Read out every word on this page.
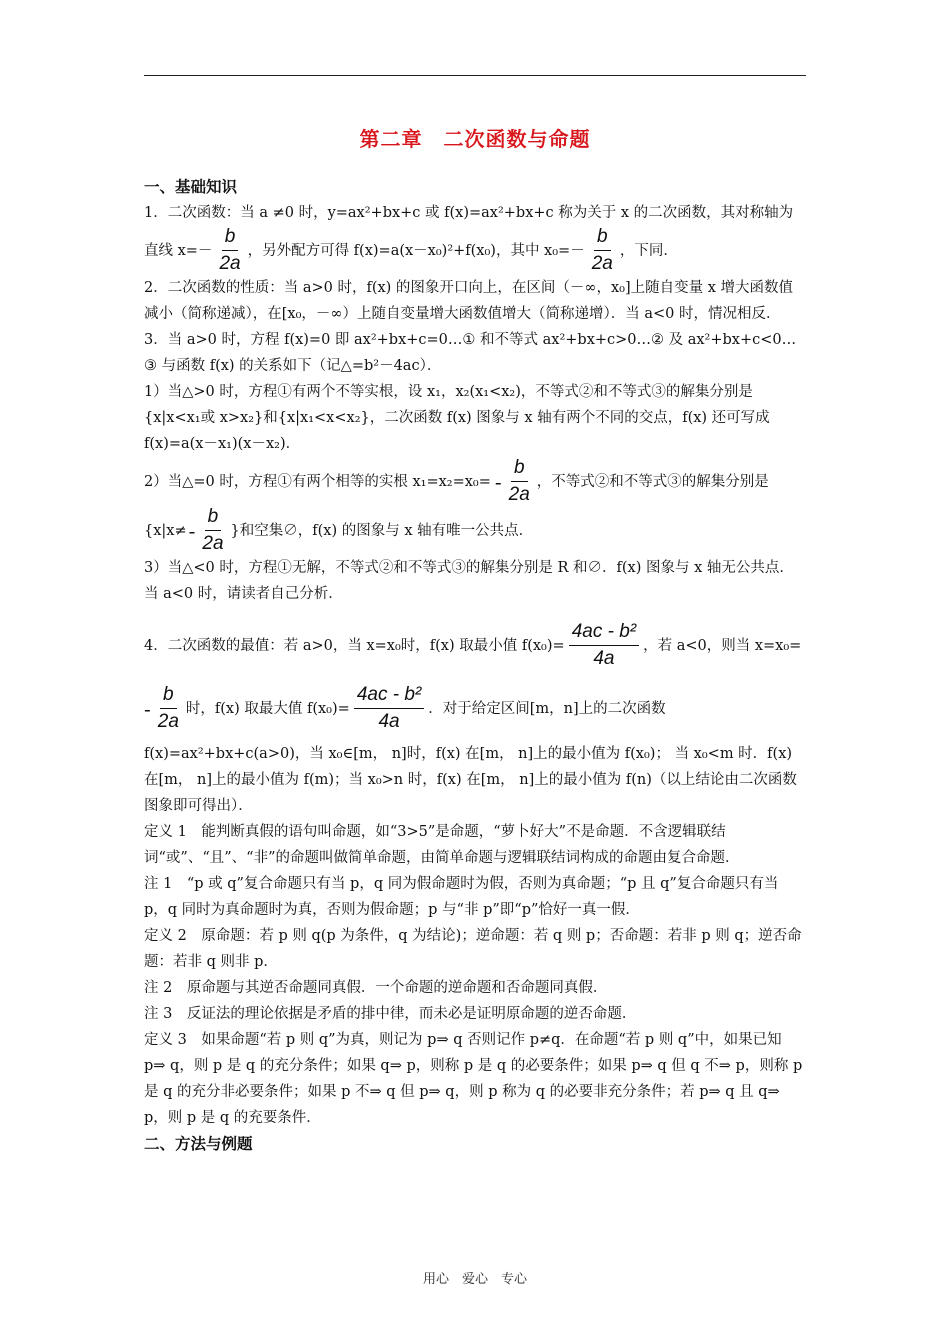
第二章　二次函数与命题
一、基础知识

1．二次函数：当 a ≠0 时，y=ax²+bx+c 或 f(x)=ax²+bx+c 称为关于 x 的二次函数，其对称轴为

直线 $x=- \frac{b}{2a}$ ，另外配方可得 f(x)=a(x－x₀)²+f(x₀)，其中 $x_0=- \frac{b}{2a}$ ，下同．

2．二次函数的性质：当 a>0 时，f(x) 的图象开口向上，在区间（－∞，x₀]上随自变量 x 增大函数值减小（简称递减），在[x₀，－∞）上随自变量增大函数值增大（简称递增）．当 a<0 时，情况相反．

3．当 a>0 时，方程 f(x)=0 即 ax²+bx+c=0…① 和不等式 ax²+bx+c>0…② 及 ax²+bx+c<0…③ 与函数 f(x) 的关系如下（记△=b²－4ac）．

1）当△>0 时，方程①有两个不等实根，设 x₁，x₂(x₁<x₂)，不等式②和不等式③的解集分别是{x|x<x₁或 x>x₂}和{x|x₁<x<x₂}，二次函数 f(x) 图象与 x 轴有两个不同的交点，f(x) 还可写成 f(x)=a(x－x₁)(x－x₂)．

2）当△=0 时，方程①有两个相等的实根 $x_1=x_2=x_0= - \frac{b}{2a}$ ，不等式②和不等式③的解集分别是
{$x|x\ne - \frac{b}{2a}$ }和空集∅，f(x) 的图象与 x 轴有唯一公共点．

3）当△<0 时，方程①无解，不等式②和不等式③的解集分别是 R 和∅．f(x) 图象与 x 轴无公共点．

当 a<0 时，请读者自己分析．

4．二次函数的最值：若 a>0，当 x=x₀时，f(x) 取最小值 $f(x_0)= \frac{\text{4ac - b²}}{4a}$ ，若 a<0，则当 x=x₀=
- $\frac{b}{2a}$ 时，f(x) 取最大值 $f(x_0)= \frac{\text{4ac - b²}}{4a}$ ．对于给定区间[m，n]上的二次函数

f(x)=ax²+bx+c(a>0)，当 x₀∈[m， n]时，f(x) 在[m， n]上的最小值为 f(x₀)； 当 x₀<m 时．f(x) 在[m， n]上的最小值为 f(m)；当 x₀>n 时，f(x) 在[m， n]上的最小值为 f(n)（以上结论由二次函数图象即可得出）．

定义 1　能判断真假的语句叫命题，如“3>5”是命题，“萝卜好大”不是命题．不含逻辑联结词“或”、“且”、“非”的命题叫做简单命题，由简单命题与逻辑联结词构成的命题由复合命题．

注 1　“p 或 q”复合命题只有当 p，q 同为假命题时为假，否则为真命题；“p 且 q”复合命题只有当 p，q 同时为真命题时为真，否则为假命题；p 与“非 p”即“p”恰好一真一假．

定义 2　原命题：若 p 则 q(p 为条件，q 为结论)；逆命题：若 q 则 p；否命题：若非 p 则 q；逆否命题：若非 q 则非 p．

注 2　原命题与其逆否命题同真假．一个命题的逆命题和否命题同真假．

注 3　反证法的理论依据是矛盾的排中律，而未必是证明原命题的逆否命题．

定义 3　如果命题“若 p 则 q”为真，则记为 p⇒ q 否则记作 p≠q．在命题“若 p 则 q”中，如果已知 p⇒ q，则 p 是 q 的充分条件；如果 q⇒ p，则称 p 是 q 的必要条件；如果 p⇒ q 但 q 不⇒ p，则称 p 是 q 的充分非必要条件；如果 p 不⇒ q 但 p⇒ q，则 p 称为 q 的必要非充分条件；若 p⇒ q 且 q⇒ p，则 p 是 q 的充要条件．

二、方法与例题
用心　爱心　专心
